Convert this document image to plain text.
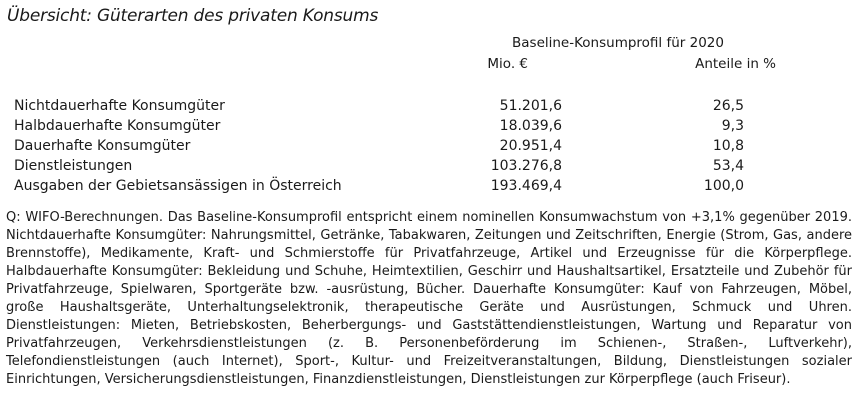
Übersicht: Güterarten des privaten Konsums
Baseline-Konsumprofil für 2020
Mio. €	Anteile in %
Nichtdauerhafte Konsumgüter	51.201,6	26,5
Halbdauerhafte Konsumgüter	18.039,6	9,3
Dauerhafte Konsumgüter	20.951,4	10,8
Dienstleistungen	103.276,8	53,4
Ausgaben der Gebietsansässigen in Österreich	193.469,4	100,0
Q: WIFO-Berechnungen. Das Baseline-Konsumprofil entspricht einem nominellen Konsumwachstum von +3,1% gegenüber 2019. Nichtdauerhafte Konsumgüter: Nahrungsmittel, Getränke, Tabakwaren, Zeitungen und Zeitschriften, Energie (Strom, Gas, andere Brennstoffe), Medikamente, Kraft- und Schmierstoffe für Privatfahrzeuge, Artikel und Erzeugnisse für die Körperpflege. Halbdauerhafte Konsumgüter: Bekleidung und Schuhe, Heimtextilien, Geschirr und Haushaltsartikel, Ersatzteile und Zubehör für Privatfahrzeuge, Spielwaren, Sportgeräte bzw. -ausrüstung, Bücher. Dauerhafte Konsumgüter: Kauf von Fahrzeugen, Möbel, große Haushaltsgeräte, Unterhaltungselektronik, therapeutische Geräte und Ausrüstungen, Schmuck und Uhren. Dienstleistungen: Mieten, Betriebskosten, Beherbergungs- und Gaststättendienstleistungen, Wartung und Reparatur von Privatfahrzeugen, Verkehrsdienstleistungen (z. B. Personenbeförderung im Schienen-, Straßen-, Luftverkehr), Telefondienstleistungen (auch Internet), Sport-, Kultur- und Freizeitveranstaltungen, Bildung, Dienstleistungen sozialer Einrichtungen, Versicherungsdienstleistungen, Finanzdienstleistungen, Dienstleistungen zur Körperpflege (auch Friseur).
